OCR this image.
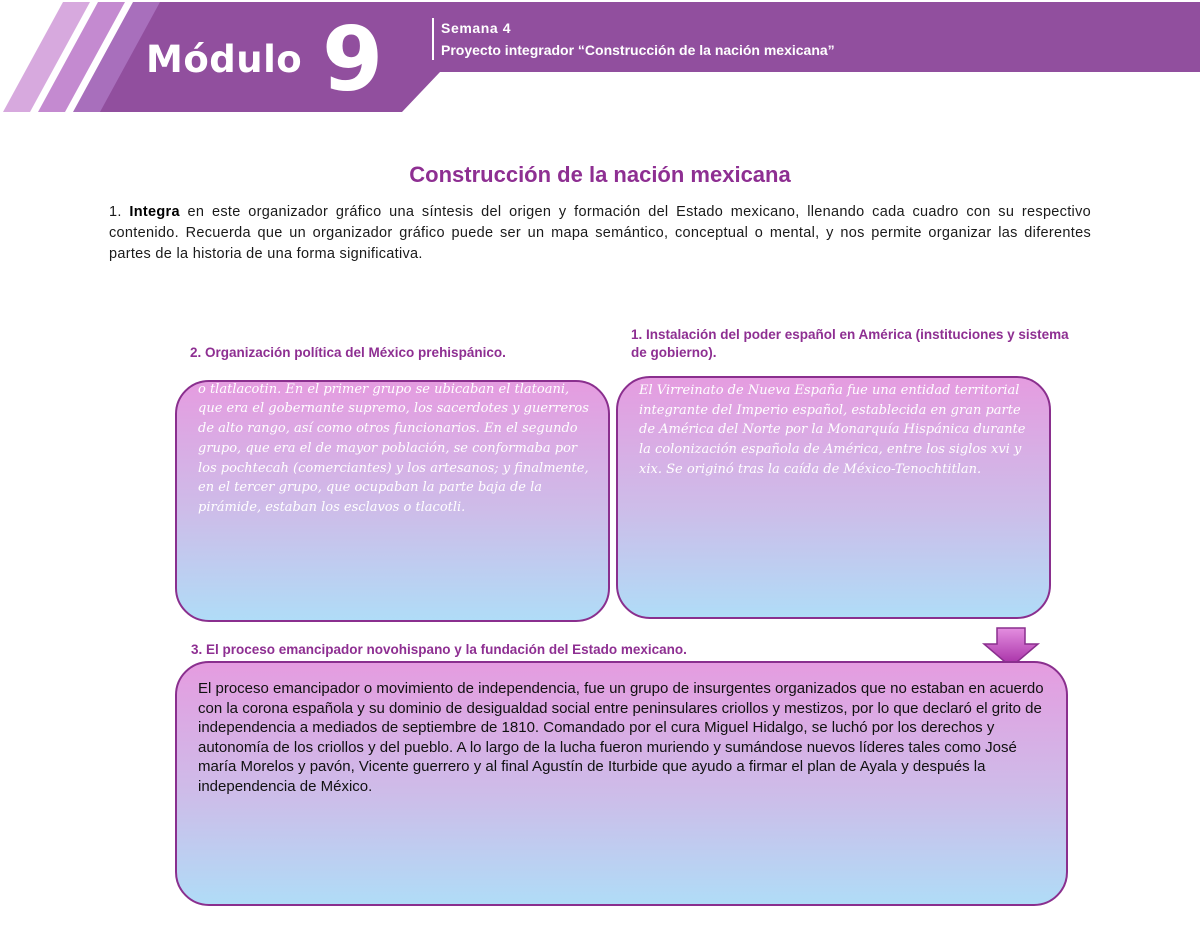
Módulo 9	Semana 4
Proyecto integrador “Construcción de la nación mexicana”
Construcción de la nación mexicana
1. Integra en este organizador gráfico una síntesis del origen y formación del Estado mexicano, llenando cada cuadro con su respectivo contenido. Recuerda que un organizador gráfico puede ser un mapa semántico, conceptual o mental, y nos permite organizar las diferentes partes de la historia de una forma significativa.
nobles o pipiltin, los plebeyos o macehualtin y los esclavos o tlatlacotin. En el primer grupo se ubicaban el tlatoani, que era el gobernante supremo, los sacerdotes y guerreros de alto rango, así como otros funcionarios. En el segundo grupo, que era el de mayor población, se conformaba por los pochtecah (comerciantes) y los artesanos; y finalmente, en el tercer grupo, que ocupaban la parte baja de la pirámide, estaban los esclavos o tlacotli.
2. Organización política del México prehispánico.
1. Instalación del poder español en América (instituciones y sistema de gobierno).
El Virreinato de Nueva España fue una entidad territorial integrante del Imperio español, establecida en gran parte de América del Norte por la Monarquía Hispánica durante la colonización española de América, entre los siglos xvi y xix. Se originó tras la caída de México-Tenochtitlan.
3. El proceso emancipador novohispano y la fundación del Estado mexicano.
El proceso emancipador o movimiento de independencia, fue un grupo de insurgentes organizados que no estaban en acuerdo con la corona española y su dominio de desigualdad social entre peninsulares criollos y mestizos, por lo que declaró el grito de independencia a mediados de septiembre de 1810. Comandado por el cura Miguel Hidalgo, se luchó por los derechos y autonomía de los criollos y del pueblo. A lo largo de la lucha fueron muriendo y sumándose nuevos líderes tales como José maría Morelos y pavón, Vicente guerrero y al final Agustín de Iturbide que ayudo a firmar el plan de Ayala y después la independencia de México.
